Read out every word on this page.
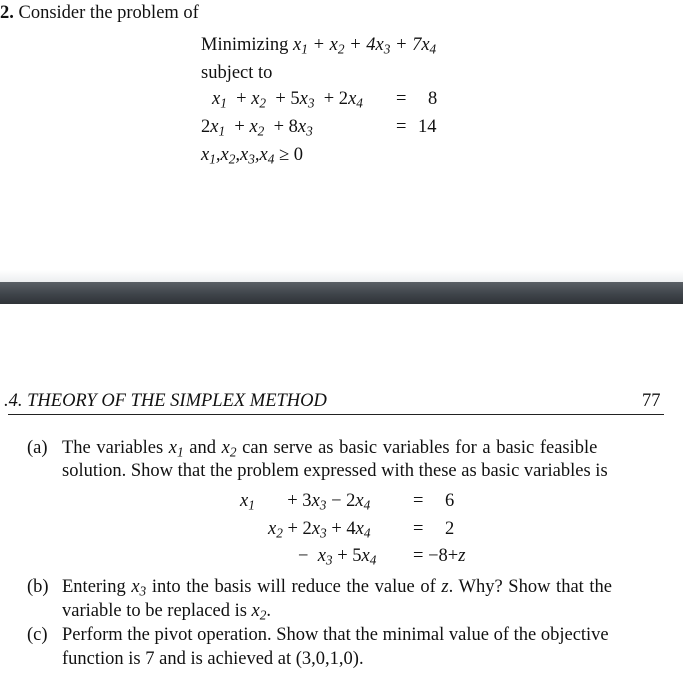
2. Consider the problem of
Minimizing $x_1 + x_2 + 4x_3 + 7x_4$
subject to
$x_1 + x_2 + 5x_3 + 2x_4 = 8$
$2x_1 + x_2 + 8x_3$	= 14
$x_1,x_2,x_3,x_4 \ge 0$
.4. THEORY OF THE SIMPLEX METHOD	77
(a) The variables $x_1$ and $x_2$ can serve as basic variables for a basic feasible
solution. Show that the problem expressed with these as basic variables is
$x_1$       + $3x_3 - 2x_4 = 6$
$x_2 + 2x_3 + 4x_4 = 2$
−  $x_3 + 5x_4 = -8+z$
(b) Entering $x_3$ into the basis will reduce the value of z. Why? Show that the
variable to be replaced is $x_2$.
(c) Perform the pivot operation. Show that the minimal value of the objective
function is 7 and is achieved at (3,0,1,0).
